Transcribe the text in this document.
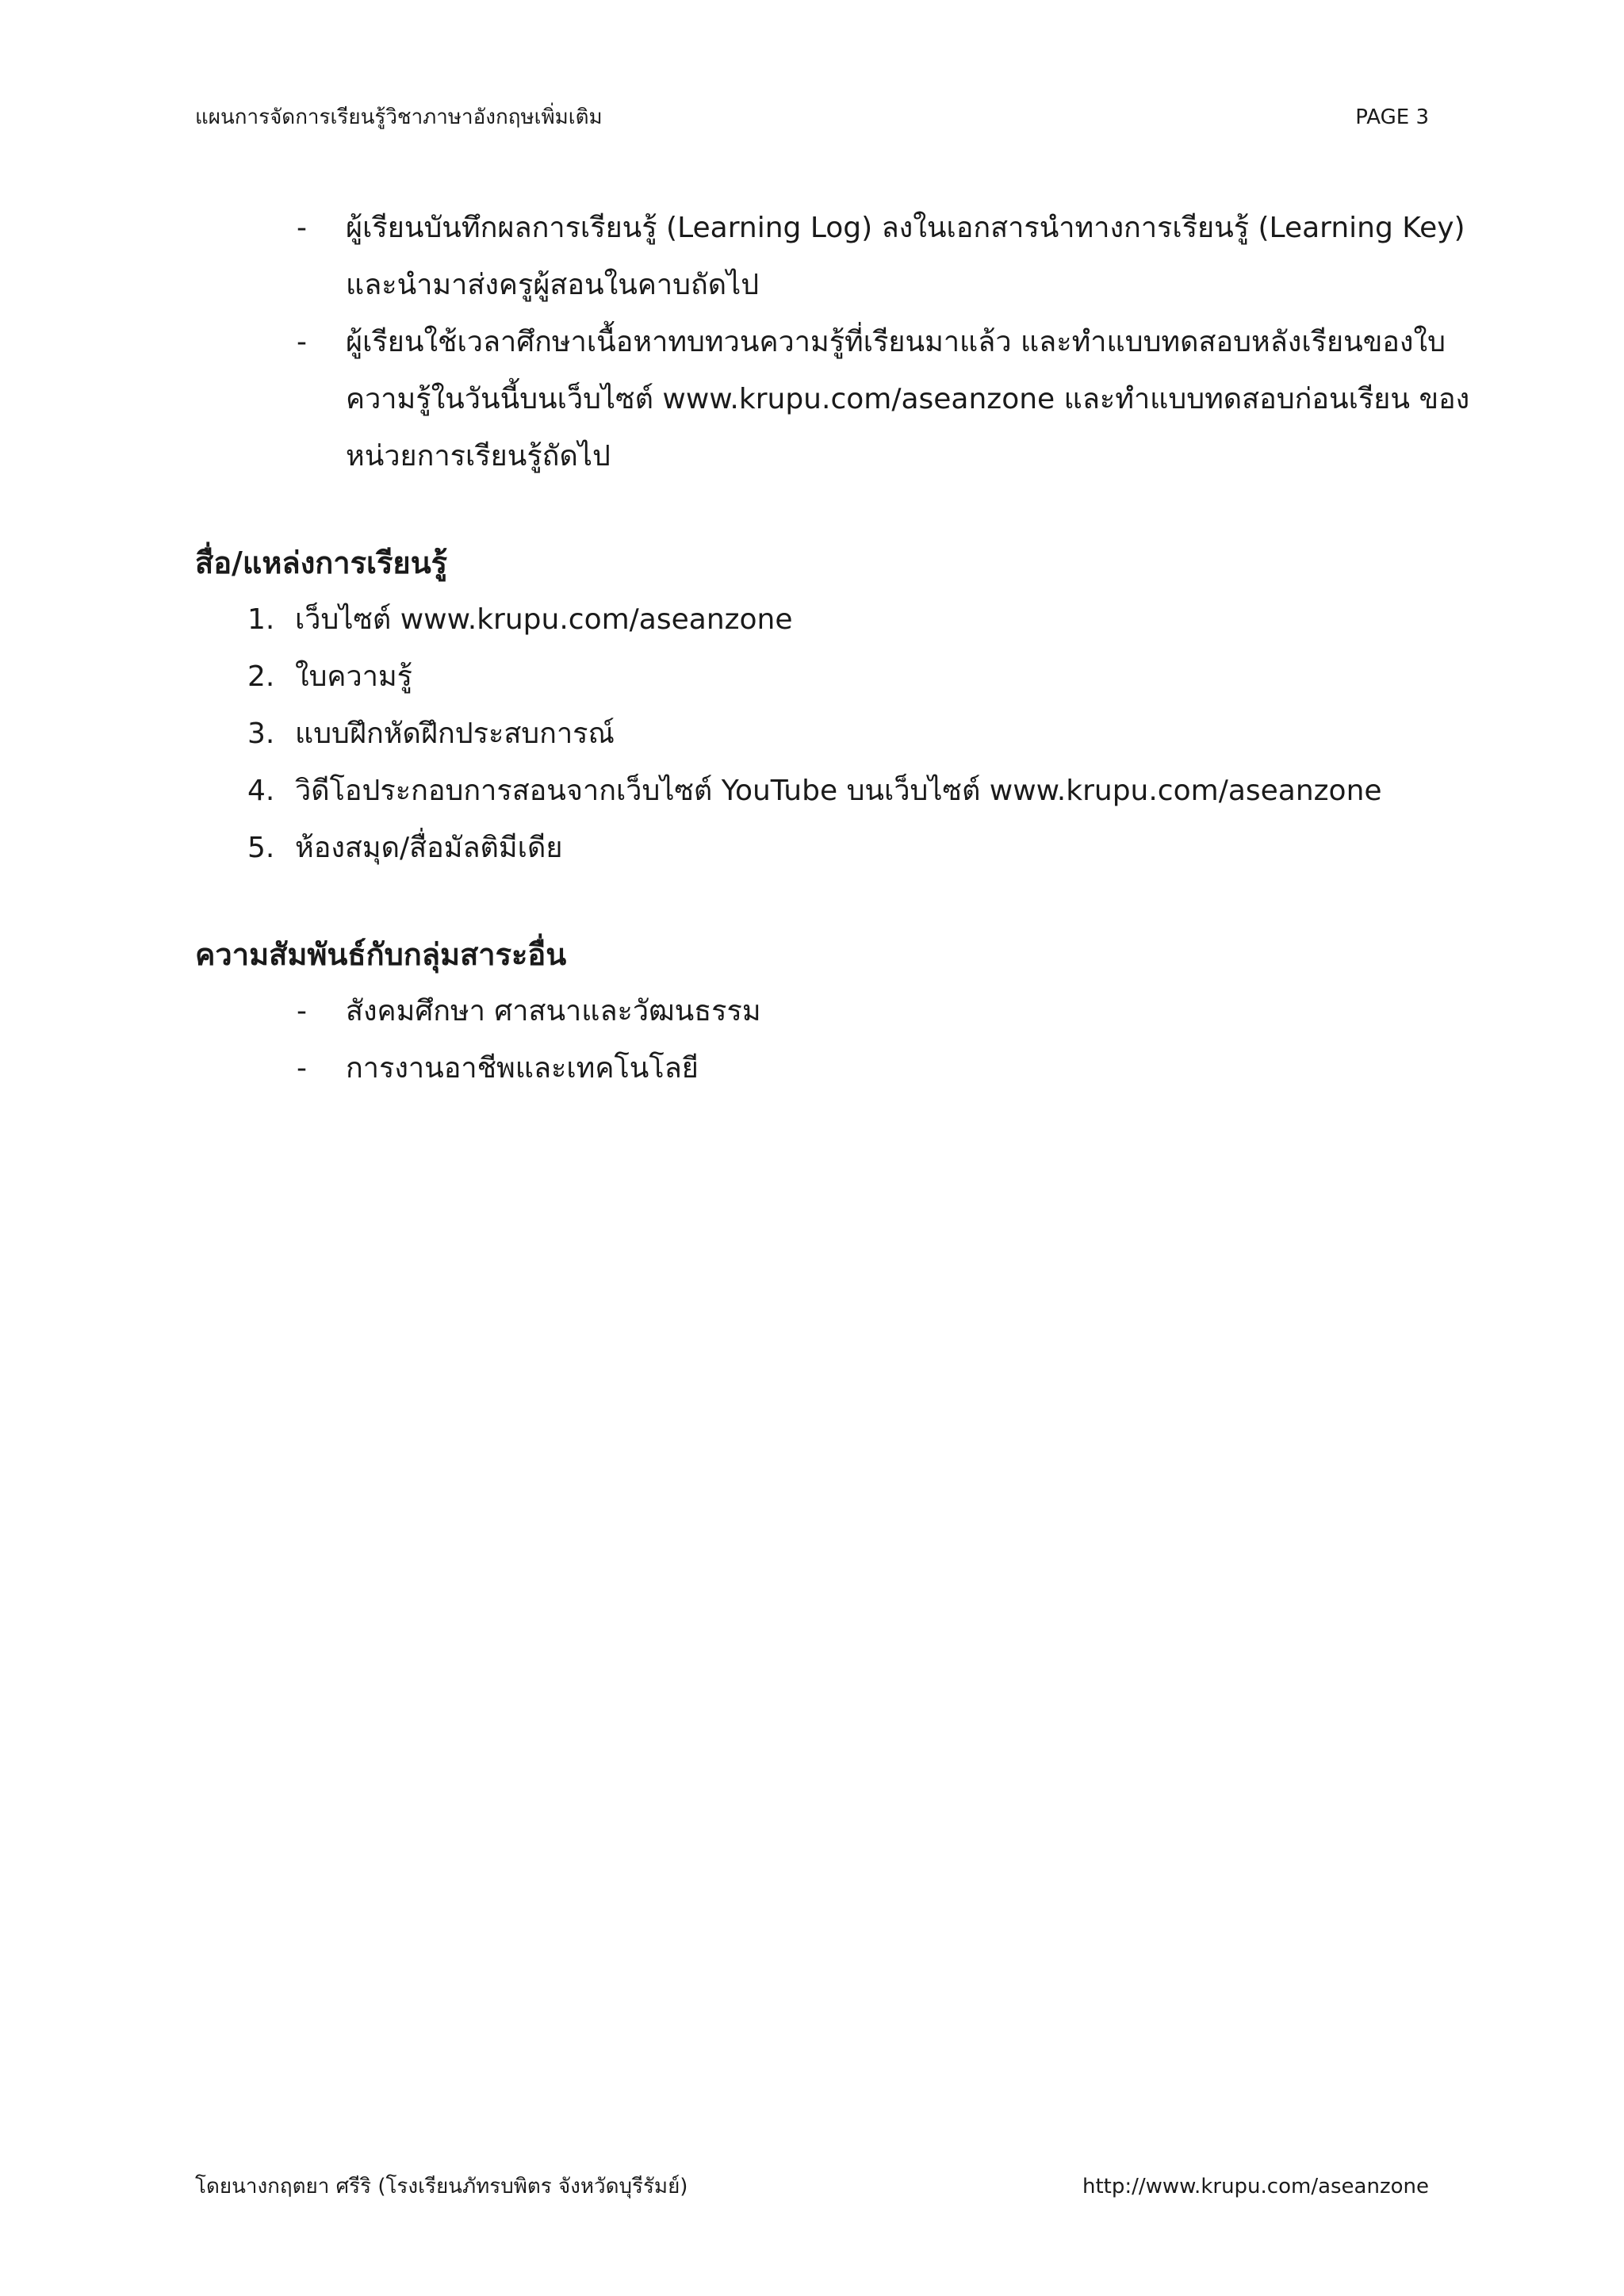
แผนการจัดการเรียนรู้วิชาภาษาอังกฤษเพิ่มเติม	PAGE 3
- ผู้เรียนบันทึกผลการเรียนรู้ (Learning Log) ลงในเอกสารนำทางการเรียนรู้ (Learning Key)
และนำมาส่งครูผู้สอนในคาบถัดไป
- ผู้เรียนใช้เวลาศึกษาเนื้อหาทบทวนความรู้ที่เรียนมาแล้ว และทำแบบทดสอบหลังเรียนของใบ
ความรู้ในวันนี้บนเว็บไซต์ www.krupu.com/aseanzone และทำแบบทดสอบก่อนเรียน ของ
หน่วยการเรียนรู้ถัดไป
สื่อ/แหล่งการเรียนรู้
1. เว็บไซต์ www.krupu.com/aseanzone
2. ใบความรู้
3. แบบฝึกหัดฝึกประสบการณ์
4. วิดีโอประกอบการสอนจากเว็บไซต์ YouTube บนเว็บไซต์ www.krupu.com/aseanzone
5. ห้องสมุด/สื่อมัลติมีเดีย
ความสัมพันธ์กับกลุ่มสาระอื่น
- สังคมศึกษา ศาสนาและวัฒนธรรม
- การงานอาชีพและเทคโนโลยี
โดยนางกฤตยา ศรีริ (โรงเรียนภัทรบพิตร จังหวัดบุรีรัมย์)	http://www.krupu.com/aseanzone
